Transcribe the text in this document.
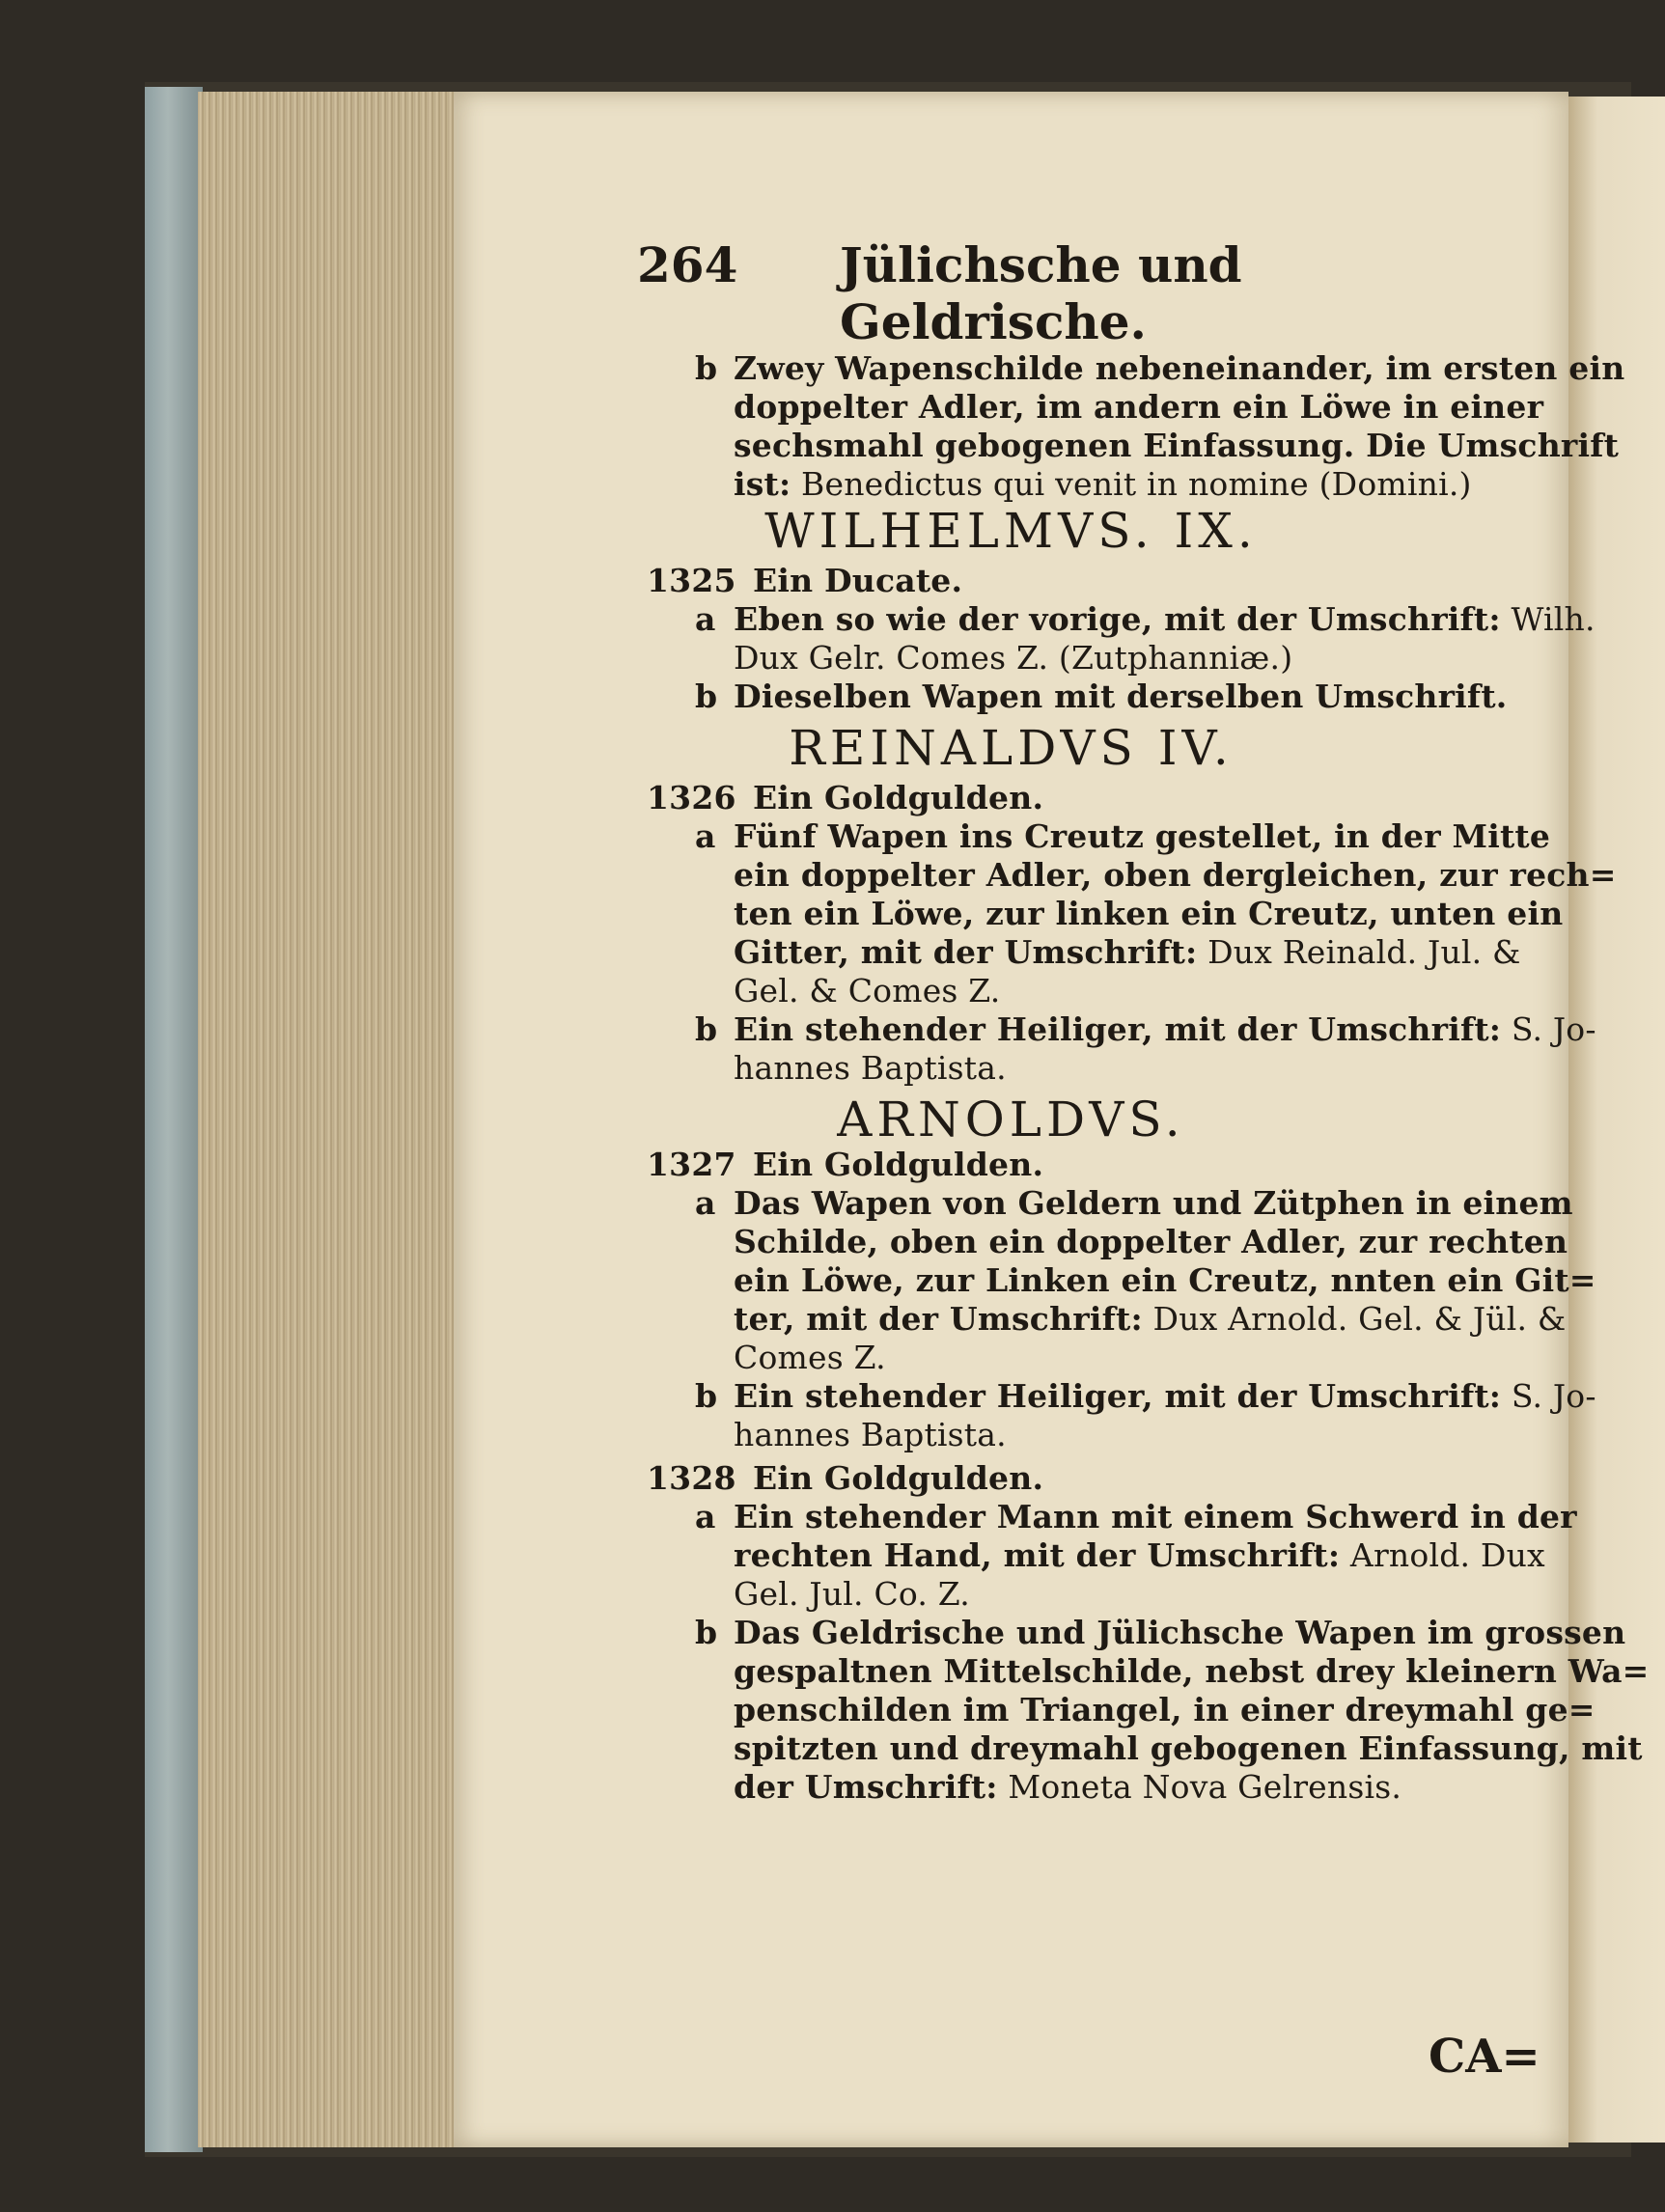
264 Jülichsche und Geldrische.
b Zwey Wapenschilde nebeneinander, im ersten ein
doppelter Adler, im andern ein Löwe in einer
sechsmahl gebogenen Einfassung. Die Umschrift
ist: Benedictus qui venit in nomine (Domini.)
WILHELMVS. IX.
1325 Ein Ducate.
a Eben so wie der vorige, mit der Umschrift: Wilh.
Dux Gelr. Comes Z. (Zutphanniæ.)
b Dieselben Wapen mit derselben Umschrift.
REINALDVS IV.
1326 Ein Goldgulden.
a Fünf Wapen ins Creutz gestellet, in der Mitte
ein doppelter Adler, oben dergleichen, zur rech=
ten ein Löwe, zur linken ein Creutz, unten ein
Gitter, mit der Umschrift: Dux Reinald. Jul. &
Gel. & Comes Z.
b Ein stehender Heiliger, mit der Umschrift: S. Jo-
hannes Baptista.
ARNOLDVS.
1327 Ein Goldgulden.
a Das Wapen von Geldern und Zütphen in einem
Schilde, oben ein doppelter Adler, zur rechten
ein Löwe, zur Linken ein Creutz, nnten ein Git=
ter, mit der Umschrift: Dux Arnold. Gel. & Jül. &
Comes Z.
b Ein stehender Heiliger, mit der Umschrift: S. Jo-
hannes Baptista.
1328 Ein Goldgulden.
a Ein stehender Mann mit einem Schwerd in der
rechten Hand, mit der Umschrift: Arnold. Dux
Gel. Jul. Co. Z.
b Das Geldrische und Jülichsche Wapen im grossen
gespaltnen Mittelschilde, nebst drey kleinern Wa=
penschilden im Triangel, in einer dreymahl ge=
spitzten und dreymahl gebogenen Einfassung, mit
der Umschrift: Moneta Nova Gelrensis.
CA=
